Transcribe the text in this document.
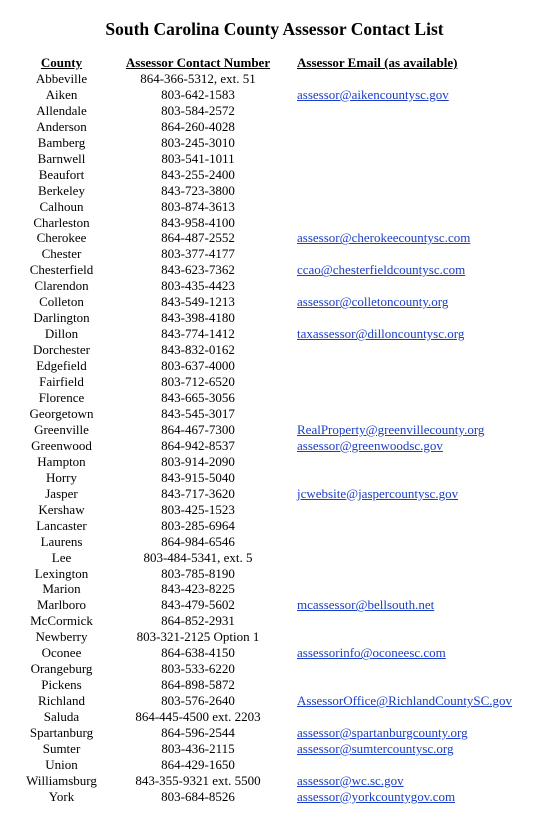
South Carolina County Assessor Contact List
County	Assessor Contact Number	Assessor Email (as available)
Abbeville	864-366-5312, ext. 51	
Aiken	803-642-1583	assessor@aikencountysc.gov
Allendale	803-584-2572	
Anderson	864-260-4028	
Bamberg	803-245-3010	
Barnwell	803-541-1011	
Beaufort	843-255-2400	
Berkeley	843-723-3800	
Calhoun	803-874-3613	
Charleston	843-958-4100	
Cherokee	864-487-2552	assessor@cherokeecountysc.com
Chester	803-377-4177	
Chesterfield	843-623-7362	ccao@chesterfieldcountysc.com
Clarendon	803-435-4423	
Colleton	843-549-1213	assessor@colletoncounty.org
Darlington	843-398-4180	
Dillon	843-774-1412	taxassessor@dilloncountysc.org
Dorchester	843-832-0162	
Edgefield	803-637-4000	
Fairfield	803-712-6520	
Florence	843-665-3056	
Georgetown	843-545-3017	
Greenville	864-467-7300	RealProperty@greenvillecounty.org
Greenwood	864-942-8537	assessor@greenwoodsc.gov
Hampton	803-914-2090	
Horry	843-915-5040	
Jasper	843-717-3620	jcwebsite@jaspercountysc.gov
Kershaw	803-425-1523	
Lancaster	803-285-6964	
Laurens	864-984-6546	
Lee	803-484-5341, ext. 5	
Lexington	803-785-8190	
Marion	843-423-8225	
Marlboro	843-479-5602	mcassessor@bellsouth.net
McCormick	864-852-2931	
Newberry	803-321-2125 Option 1	
Oconee	864-638-4150	assessorinfo@oconeesc.com
Orangeburg	803-533-6220	
Pickens	864-898-5872	
Richland	803-576-2640	AssessorOffice@RichlandCountySC.gov
Saluda	864-445-4500 ext. 2203	
Spartanburg	864-596-2544	assessor@spartanburgcounty.org
Sumter	803-436-2115	assessor@sumtercountysc.org
Union	864-429-1650	
Williamsburg	843-355-9321 ext. 5500	assessor@wc.sc.gov
York	803-684-8526	assessor@yorkcountygov.com
